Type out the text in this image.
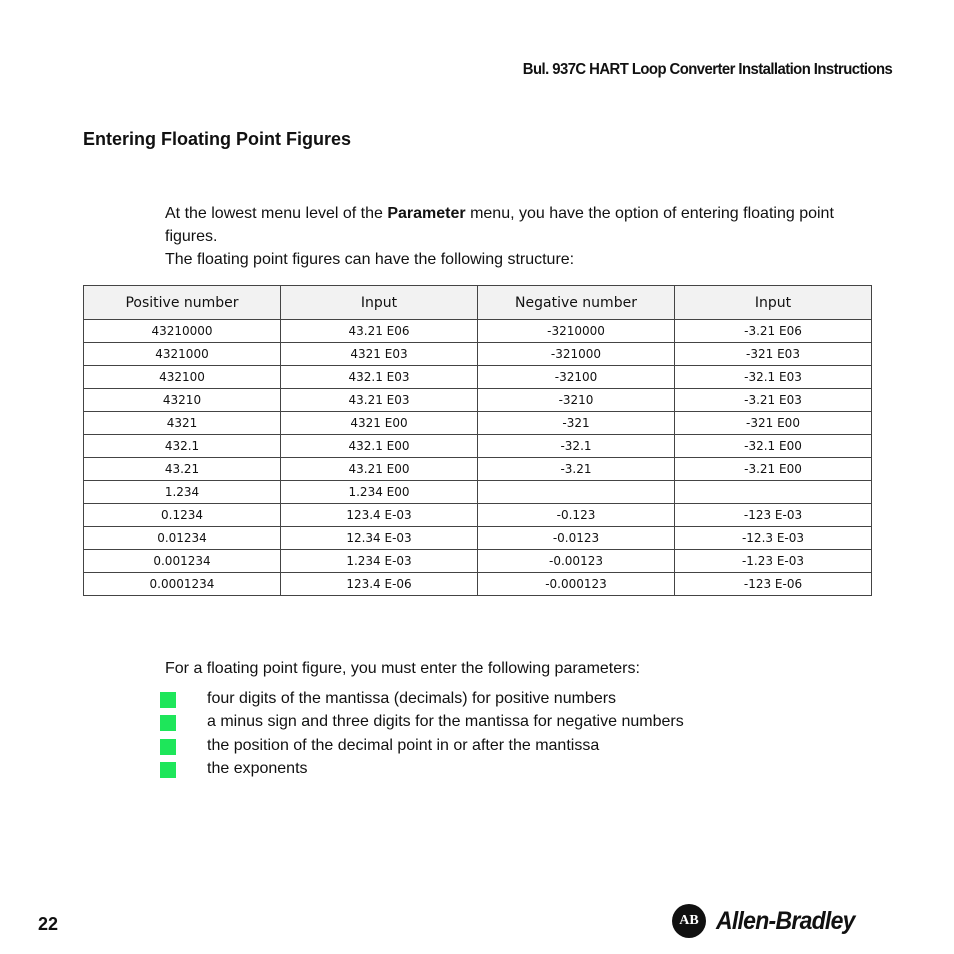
Bul. 937C HART Loop Converter Installation Instructions
Entering Floating Point Figures
At the lowest menu level of the Parameter menu, you have the option of entering floating point figures.
The floating point figures can have the following structure:
Positive number	Input	Negative number	Input
43210000	43.21 E06	-3210000	-3.21 E06
4321000	4321 E03	-321000	-321 E03
432100	432.1 E03	-32100	-32.1 E03
43210	43.21 E03	-3210	-3.21 E03
4321	4321 E00	-321	-321 E00
432.1	432.1 E00	-32.1	-32.1 E00
43.21	43.21 E00	-3.21	-3.21 E00
1.234	1.234 E00		
0.1234	123.4 E-03	-0.123	-123 E-03
0.01234	12.34 E-03	-0.0123	-12.3 E-03
0.001234	1.234 E-03	-0.00123	-1.23 E-03
0.0001234	123.4 E-06	-0.000123	-123 E-06
For a floating point figure, you must enter the following parameters:
four digits of the mantissa (decimals) for positive numbers
a minus sign and three digits for the mantissa for negative numbers
the position of the decimal point in or after the mantissa
the exponents
22	AB Allen-Bradley
